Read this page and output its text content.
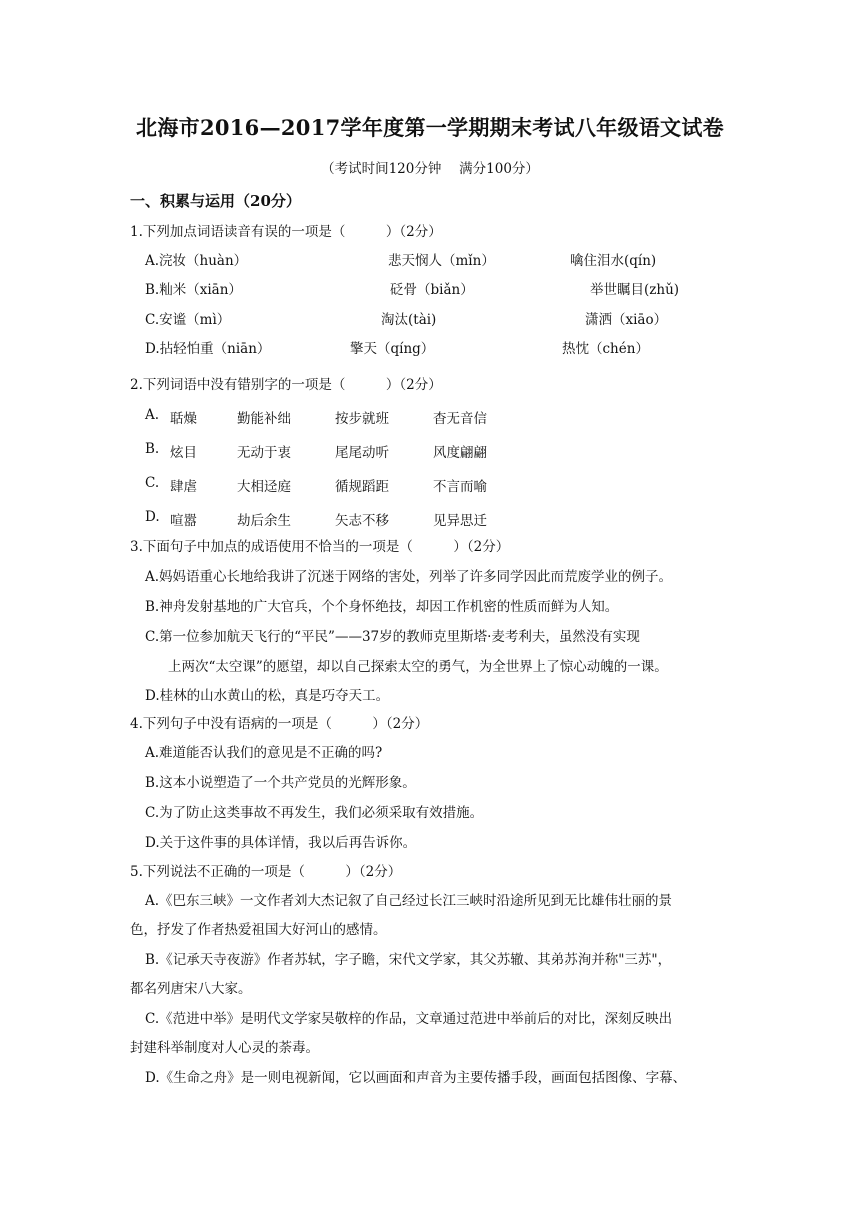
北海市2016—2017学年度第一学期期末考试八年级语文试卷
（考试时间120分钟　 满分100分）
一、积累与运用（20分）
1.下列加点词语读音有误的一项是（　　　）（2分）
A.浣妆（huàn）	悲天悯人（mǐn）	噙住泪水(qín)
B.籼米（xiān）	砭骨（biǎn）	举世瞩目(zhǔ)
C.安谧（mì）	淘汰(tài)	潇洒（xiāo）
D.拈轻怕重（niān）	擎天（qíng）	热忱（chén）
2.下列词语中没有错别字的一项是（　　　）（2分）
A. 聒燥	勤能补绌	按步就班	杳无音信
B. 炫目	无动于衷	尾尾动听	风度翩翩
C. 肆虐	大相迳庭	循规蹈距	不言而喻
D. 喧嚣	劫后余生	矢志不移	见异思迁
3.下面句子中加点的成语使用不恰当的一项是（　　　）（2分）
A.妈妈语重心长地给我讲了沉迷于网络的害处，列举了许多同学因此而荒废学业的例子。
B.神舟发射基地的广大官兵，个个身怀绝技，却因工作机密的性质而鲜为人知。
C.第一位参加航天飞行的“平民”——37岁的教师克里斯塔·麦考利夫，虽然没有实现
上两次“太空课”的愿望，却以自己探索太空的勇气，为全世界上了惊心动魄的一课。
D.桂林的山水黄山的松，真是巧夺天工。
4.下列句子中没有语病的一项是（　　　）（2分）
A.难道能否认我们的意见是不正确的吗?
B.这本小说塑造了一个共产党员的光辉形象。
C.为了防止这类事故不再发生，我们必须采取有效措施。
D.关于这件事的具体详情，我以后再告诉你。
5.下列说法不正确的一项是（　　　）（2分）
A.《巴东三峡》一文作者刘大杰记叙了自己经过长江三峡时沿途所见到无比雄伟壮丽的景
色，抒发了作者热爱祖国大好河山的感情。
B.《记承天寺夜游》作者苏轼，字子瞻，宋代文学家，其父苏辙、其弟苏洵并称"三苏"，
都名列唐宋八大家。
C.《范进中举》是明代文学家吴敬梓的作品，文章通过范进中举前后的对比，深刻反映出
封建科举制度对人心灵的荼毒。
D.《生命之舟》是一则电视新闻，它以画面和声音为主要传播手段，画面包括图像、字幕、
